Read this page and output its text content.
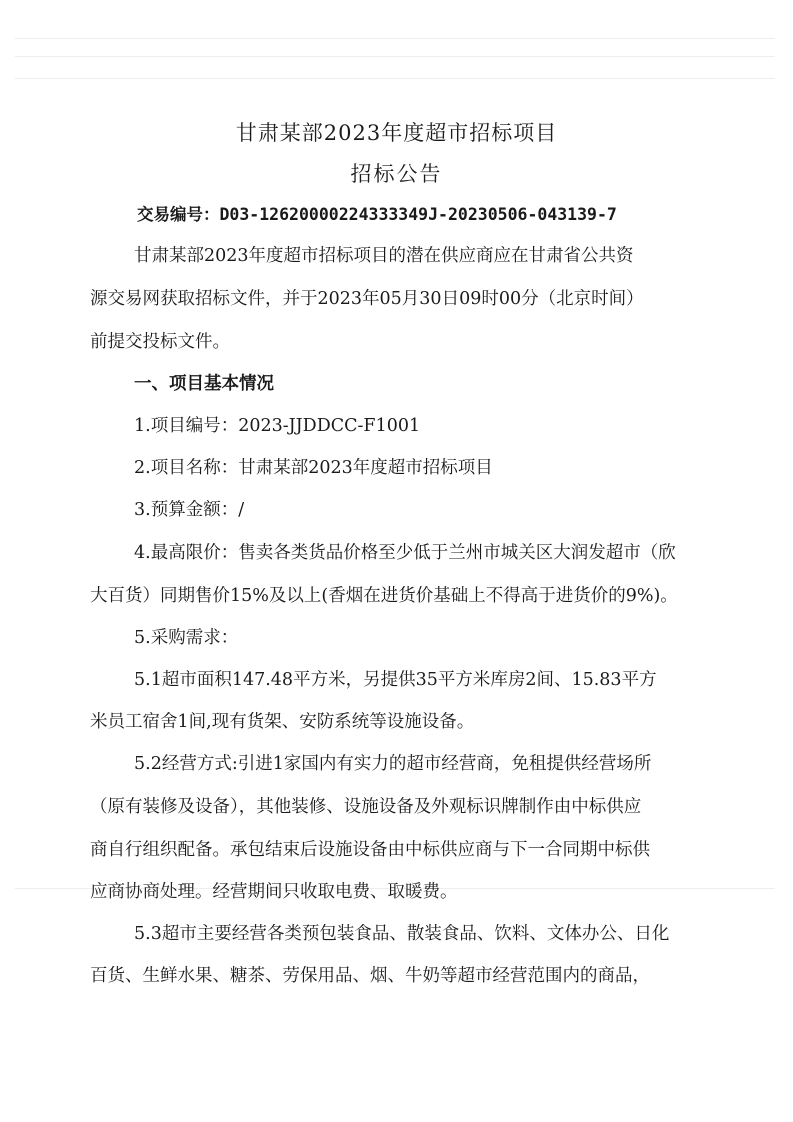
甘肃某部2023年度超市招标项目
招标公告
交易编号：D03-12620000224333349J-20230506-043139-7
甘肃某部2023年度超市招标项目的潜在供应商应在甘肃省公共资
源交易网获取招标文件，并于2023年05月30日09时00分（北京时间）
前提交投标文件。
一、项目基本情况
1.项目编号：2023-JJDDCC-F1001
2.项目名称：甘肃某部2023年度超市招标项目
3.预算金额：/
4.最高限价：售卖各类货品价格至少低于兰州市城关区大润发超市（欣
大百货）同期售价15%及以上(香烟在进货价基础上不得高于进货价的9%)。
5.采购需求：
5.1超市面积147.48平方米，另提供35平方米库房2间、15.83平方
米员工宿舍1间,现有货架、安防系统等设施设备。
5.2经营方式:引进1家国内有实力的超市经营商，免租提供经营场所
（原有装修及设备），其他装修、设施设备及外观标识牌制作由中标供应
商自行组织配备。承包结束后设施设备由中标供应商与下一合同期中标供
应商协商处理。经营期间只收取电费、取暖费。
5.3超市主要经营各类预包装食品、散装食品、饮料、文体办公、日化
百货、生鲜水果、糖茶、劳保用品、烟、牛奶等超市经营范围内的商品，
